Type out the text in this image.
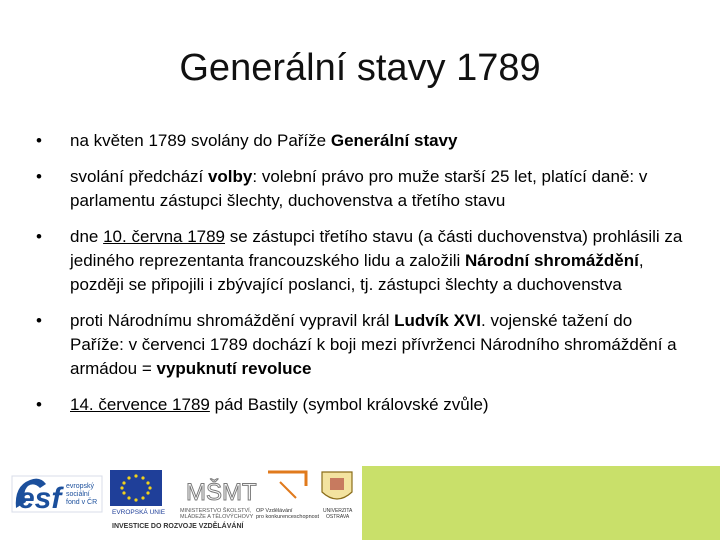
Generální stavy 1789
•	na květen 1789 svolány do Paříže Generální stavy
•	svolání předchází volby: volební právo pro muže starší 25 let, platící daně: v parlamentu zástupci šlechty, duchovenstva a třetího stavu
•	dne 10. června 1789 se zástupci třetího stavu (a části duchovenstva) prohlásili za jediného reprezentanta francouzského lidu a založili Národní shromáždění, později se připojili i zbývající poslanci, tj. zástupci šlechty a duchovenstva
•	proti Národnímu shromáždění vypravil král Ludvík XVI. vojenské tažení do Paříže: v červenci 1789 dochází k boji mezi přívrženci Národního shromáždění a armádou = vypuknutí revoluce
•	14. července 1789 pád Bastily (symbol královské zvůle)
esf evropský
sociální
fond v ČR
EVROPSKÁ UNIE
MŠMT
MINISTERSTVO ŠKOLSTVÍ,
MLÁDEŽE A TĚLOVÝCHOVY
OP Vzdělávání
pro konkurenceschopnost
UNIVERZITA
OSTRAVA
INVESTICE DO ROZVOJE VZDĚLÁVÁNÍ
